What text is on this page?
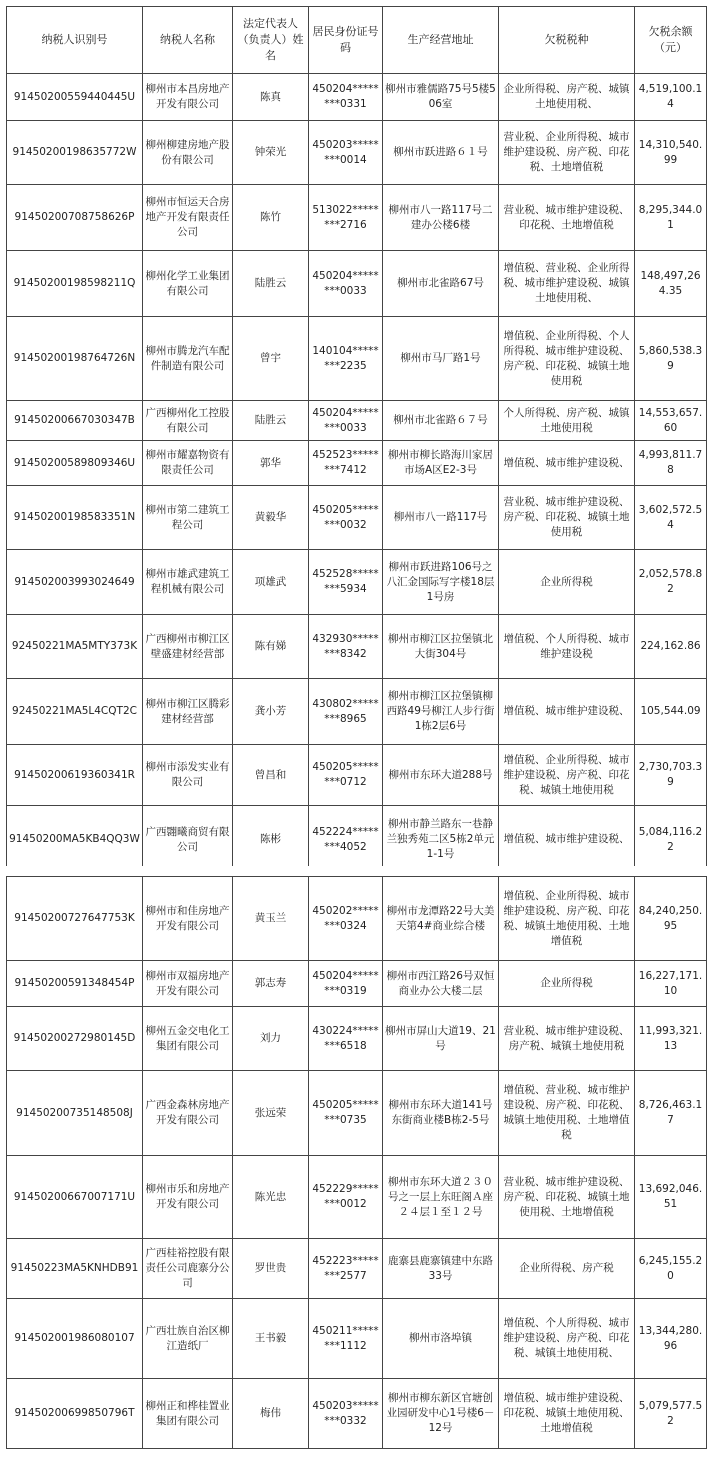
纳税人识别号	纳税人名称	法定代表人（负责人）姓名	居民身份证号码	生产经营地址	欠税税种	欠税余额（元）
91450200559440445U	柳州市本昌房地产开发有限公司	陈真	450204********0331	柳州市雅儒路75号5楼506室	企业所得税、房产税、城镇土地使用税、	4,519,100.14
91450200198635772W	柳州柳建房地产股份有限公司	钟荣光	450203********0014	柳州市跃进路６１号	营业税、企业所得税、城市维护建设税、房产税、印花税、土地增值税	14,310,540.99
91450200708758626P	柳州市恒运天合房地产开发有限责任公司	陈竹	513022********2716	柳州市八一路117号二建办公楼6楼	营业税、城市维护建设税、印花税、土地增值税	8,295,344.01
91450200198598211Q	柳州化学工业集团有限公司	陆胜云	450204********0033	柳州市北雀路67号	增值税、营业税、企业所得税、城市维护建设税、城镇土地使用税、	148,497,264.35
91450200198764726N	柳州市腾龙汽车配件制造有限公司	曾宇	140104********2235	柳州市马厂路1号	增值税、企业所得税、个人所得税、城市维护建设税、房产税、印花税、城镇土地使用税	5,860,538.39
91450200667030347B	广西柳州化工控股有限公司	陆胜云	450204********0033	柳州市北雀路６７号	个人所得税、房产税、城镇土地使用税	14,553,657.60
91450200589809346U	柳州市耀嘉物资有限责任公司	郭华	452523********7412	柳州市柳长路海川家居市场A区E2-3号	增值税、城市维护建设税、	4,993,811.78
91450200198583351N	柳州市第二建筑工程公司	黄毅华	450205********0032	柳州市八一路117号	营业税、城市维护建设税、房产税、印花税、城镇土地使用税	3,602,572.54
914502003993024649	柳州市雄武建筑工程机械有限公司	项雄武	452528********5934	柳州市跃进路106号之八汇金国际写字楼18层1号房	企业所得税	2,052,578.82
92450221MA5MTY373K	广西柳州市柳江区壁盛建材经营部	陈有娣	432930********8342	柳州市柳江区拉堡镇北大街304号	增值税、个人所得税、城市维护建设税	224,162.86
92450221MA5L4CQT2C	柳州市柳江区腾彩建材经营部	龚小芳	430802********8965	柳州市柳江区拉堡镇柳西路49号柳江人步行街1栋2层6号	增值税、城市维护建设税、	105,544.09
91450200619360341R	柳州市添发实业有限公司	曾昌和	450205********0712	柳州市东环大道288号	增值税、企业所得税、城市维护建设税、房产税、印花税、城镇土地使用税	2,730,703.39
91450200MA5KB4QQ3W	广西翾曦商贸有限公司	陈彬	452224********4052	柳州市静兰路东一巷静兰独秀苑二区5栋2单元1-1号	增值税、城市维护建设税、	5,084,116.22
91450200727647753K	柳州市和佳房地产开发有限公司	黄玉兰	450202********0324	柳州市龙潭路22号大美天第4#商业综合楼	增值税、企业所得税、城市维护建设税、房产税、印花税、城镇土地使用税、土地增值税	84,240,250.95
91450200591348454P	柳州市双福房地产开发有限公司	郭志寿	450204********0319	柳州市西江路26号双恒商业办公大楼二层	企业所得税	16,227,171.10
91450200272980145D	柳州五金交电化工集团有限公司	刘力	430224********6518	柳州市屏山大道19、21号	营业税、城市维护建设税、房产税、城镇土地使用税	11,993,321.13
91450200735148508J	广西金森林房地产开发有限公司	张远荣	450205********0735	柳州市东环大道141号东街商业楼B栋2-5号	增值税、营业税、城市维护建设税、房产税、印花税、城镇土地使用税、土地增值税	8,726,463.17
91450200667007171U	柳州市乐和房地产开发有限公司	陈光忠	452229********0012	柳州市东环大道２３０号之一层上东旺阁Ａ座２４层１至１２号	营业税、城市维护建设税、房产税、印花税、城镇土地使用税、土地增值税	13,692,046.51
91450223MA5KNHDB91	广西桂裕控股有限责任公司鹿寨分公司	罗世贵	452223********2577	鹿寨县鹿寨镇建中东路33号	企业所得税、房产税	6,245,155.20
914502001986080107	广西壮族自治区柳江造纸厂	王书毅	450211********1112	柳州市洛埠镇	增值税、个人所得税、城市维护建设税、房产税、印花税、城镇土地使用税、	13,344,280.96
91450200699850796T	柳州正和桦桂置业集团有限公司	梅伟	450203********0332	柳州市柳东新区官塘创业园研发中心1号楼6－12号	增值税、城市维护建设税、印花税、城镇土地使用税、土地增值税	5,079,577.52
